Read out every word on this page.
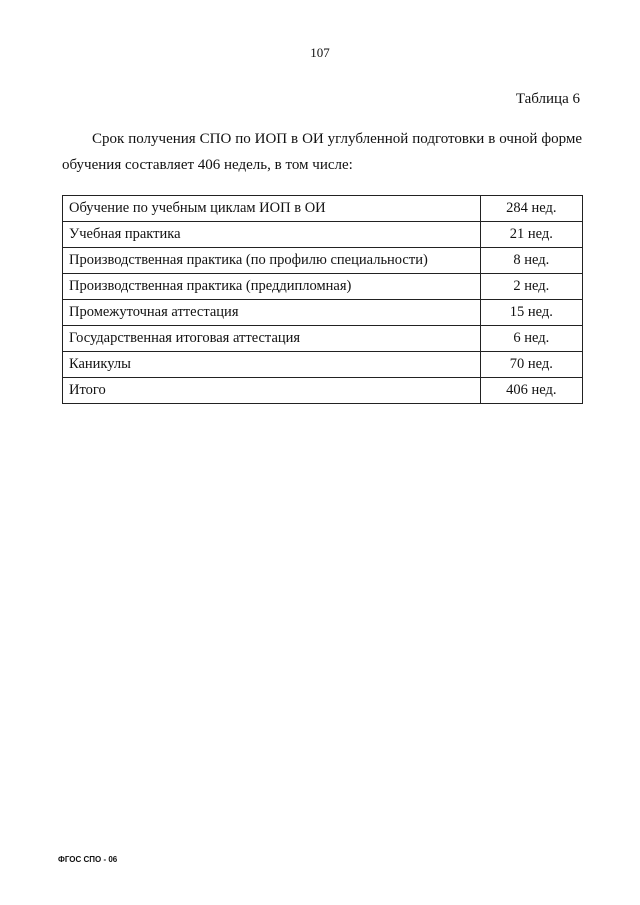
107
Таблица 6

Срок получения СПО по ИОП в ОИ углубленной подготовки в очной форме обучения составляет 406 недель, в том числе:

Обучение по учебным циклам ИОП в ОИ	284 нед.
Учебная практика	21 нед.
Производственная практика (по профилю специальности)	8 нед.
Производственная практика (преддипломная)	2 нед.
Промежуточная аттестация	15 нед.
Государственная итоговая аттестация	6 нед.
Каникулы	70 нед.
Итого	406 нед.
ФГОС СПО - 06
